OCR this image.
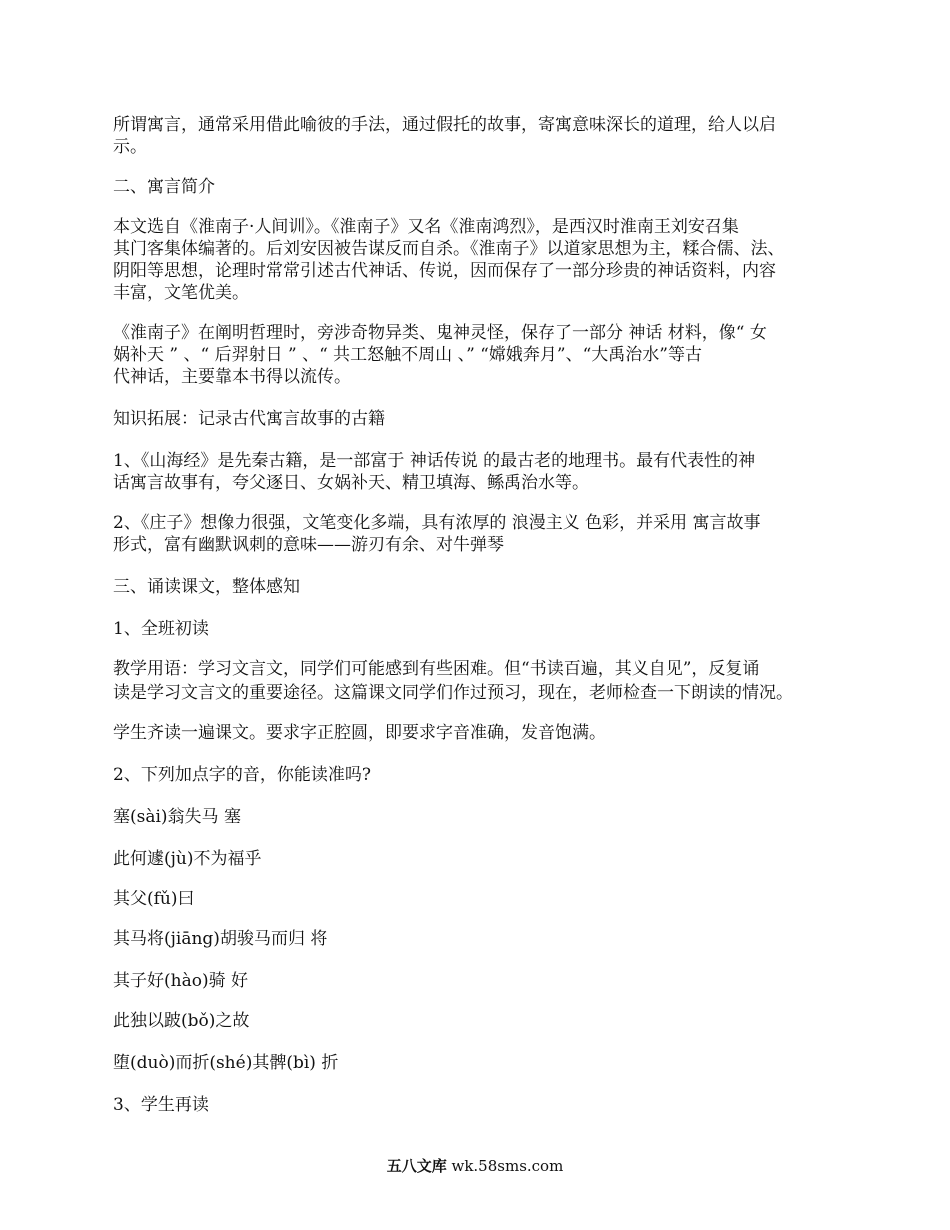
所谓寓言，通常采用借此喻彼的手法，通过假托的故事，寄寓意味深长的道理，给人以启
示。
二、寓言简介
本文选自《淮南子·人间训》。《淮南子》又名《淮南鸿烈》，是西汉时淮南王刘安召集
其门客集体编著的。后刘安因被告谋反而自杀。《淮南子》以道家思想为主，糅合儒、法、
阴阳等思想，论理时常常引述古代神话、传说，因而保存了一部分珍贵的神话资料，内容
丰富，文笔优美。
《淮南子》在阐明哲理时，旁涉奇物异类、鬼神灵怪，保存了一部分 神话 材料，像“ 女
娲补天 ” 、“ 后羿射日 ” 、“ 共工怒触不周山 、” “嫦娥奔月”、“大禹治水”等古
代神话，主要靠本书得以流传。
知识拓展：记录古代寓言故事的古籍
1、《山海经》是先秦古籍，是一部富于 神话传说 的最古老的地理书。最有代表性的神
话寓言故事有，夸父逐日、女娲补天、精卫填海、鲧禹治水等。
2、《庄子》想像力很强，文笔变化多端，具有浓厚的 浪漫主义 色彩，并采用 寓言故事
形式，富有幽默讽刺的意味——游刃有余、对牛弹琴
三、诵读课文，整体感知
1、全班初读
教学用语：学习文言文，同学们可能感到有些困难。但“书读百遍，其义自见”，反复诵
读是学习文言文的重要途径。这篇课文同学们作过预习，现在，老师检查一下朗读的情况。
学生齐读一遍课文。要求字正腔圆，即要求字音准确，发音饱满。
2、下列加点字的音，你能读准吗?
塞(sài)翁失马 塞
此何遽(jù)不为福乎
其父(fǔ)曰
其马将(jiāng)胡骏马而归 将
其子好(hào)骑 好
此独以跛(bǒ)之故
堕(duò)而折(shé)其髀(bì) 折
3、学生再读
五八文库 wk.58sms.com
